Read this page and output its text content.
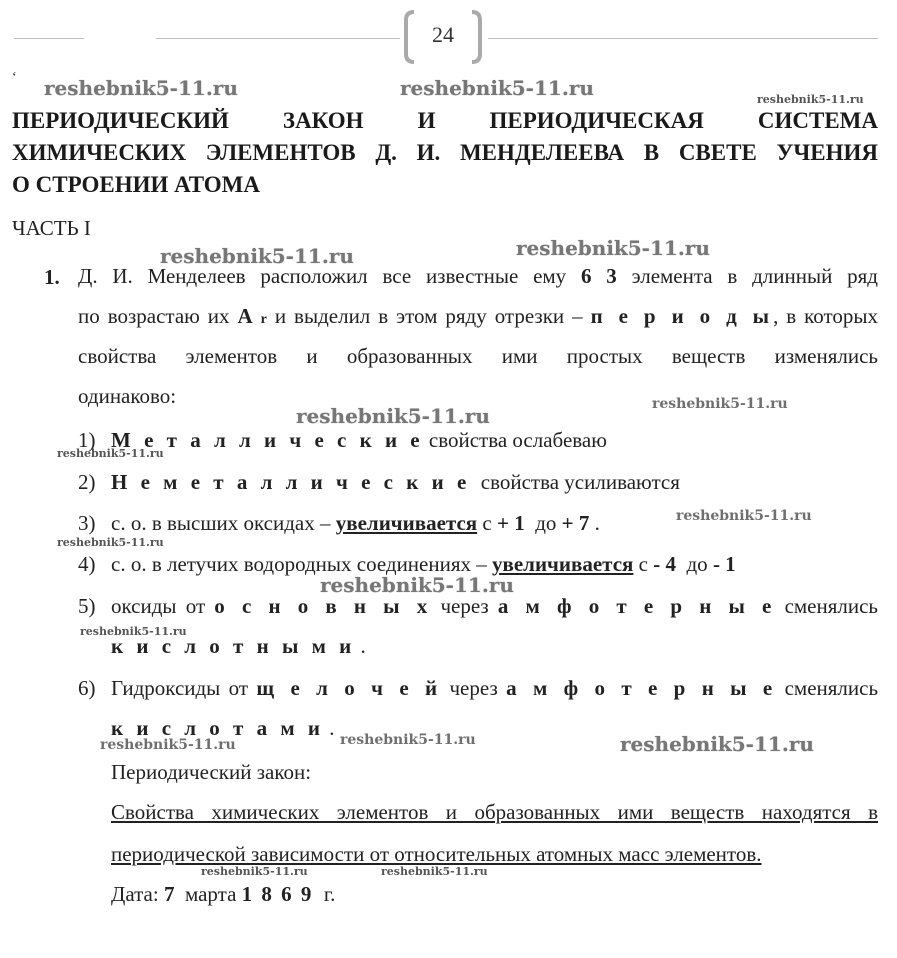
24
‘ reshebnik5-11.ru	reshebnik5-11.ru	reshebnik5-11.ru
reshebnik5-11.ru	reshebnik5-11.ru
reshebnik5-11.ru	reshebnik5-11.ru
reshebnik5-11.ru
reshebnik5-11.ru
reshebnik5-11.ru
reshebnik5-11.ru
reshebnik5-11.ru
reshebnik5-11.ru	reshebnik5-11.ru	reshebnik5-11.ru
reshebnik5-11.ru	reshebnik5-11.ru
ПЕРИОДИЧЕСКИЙ ЗАКОН И ПЕРИОДИЧЕСКАЯ СИСТЕМА
ХИМИЧЕСКИХ ЭЛЕМЕНТОВ Д. И. МЕНДЕЛЕЕВА В СВЕТЕ УЧЕНИЯ
О СТРОЕНИИ АТОМА
ЧАСТЬ I
1. Д. И. Менделеев расположил все известные ему 6 3 элемента в длинный ряд
по возрастаю их А r и выделил в этом ряду отрезки – п е р и о д ы, в которых
свойства элементов и образованных ими простых веществ изменялись
одинаково:
1) М е т а л л и ч е с к и е свойства ослабеваю
2) Н е м е т а л л и ч е с к и е свойства усиливаются
3) с. о. в высших оксидах – увеличивается с + 1 до + 7 .
4) с. о. в летучих водородных соединениях – увеличивается с - 4 до - 1
5) оксиды от о с н о в н ы х через а м ф о т е р н ы е сменялись
к и с л о т н ы м и .
6) Гидроксиды от щ е л о ч е й через а м ф о т е р н ы е сменялись
к и с л о т а м и .
Периодический закон:
Свойства химических элементов и образованных ими веществ находятся в
периодической зависимости от относительных атомных масс элементов.
Дата: 7 марта 1 8 6 9 г.
